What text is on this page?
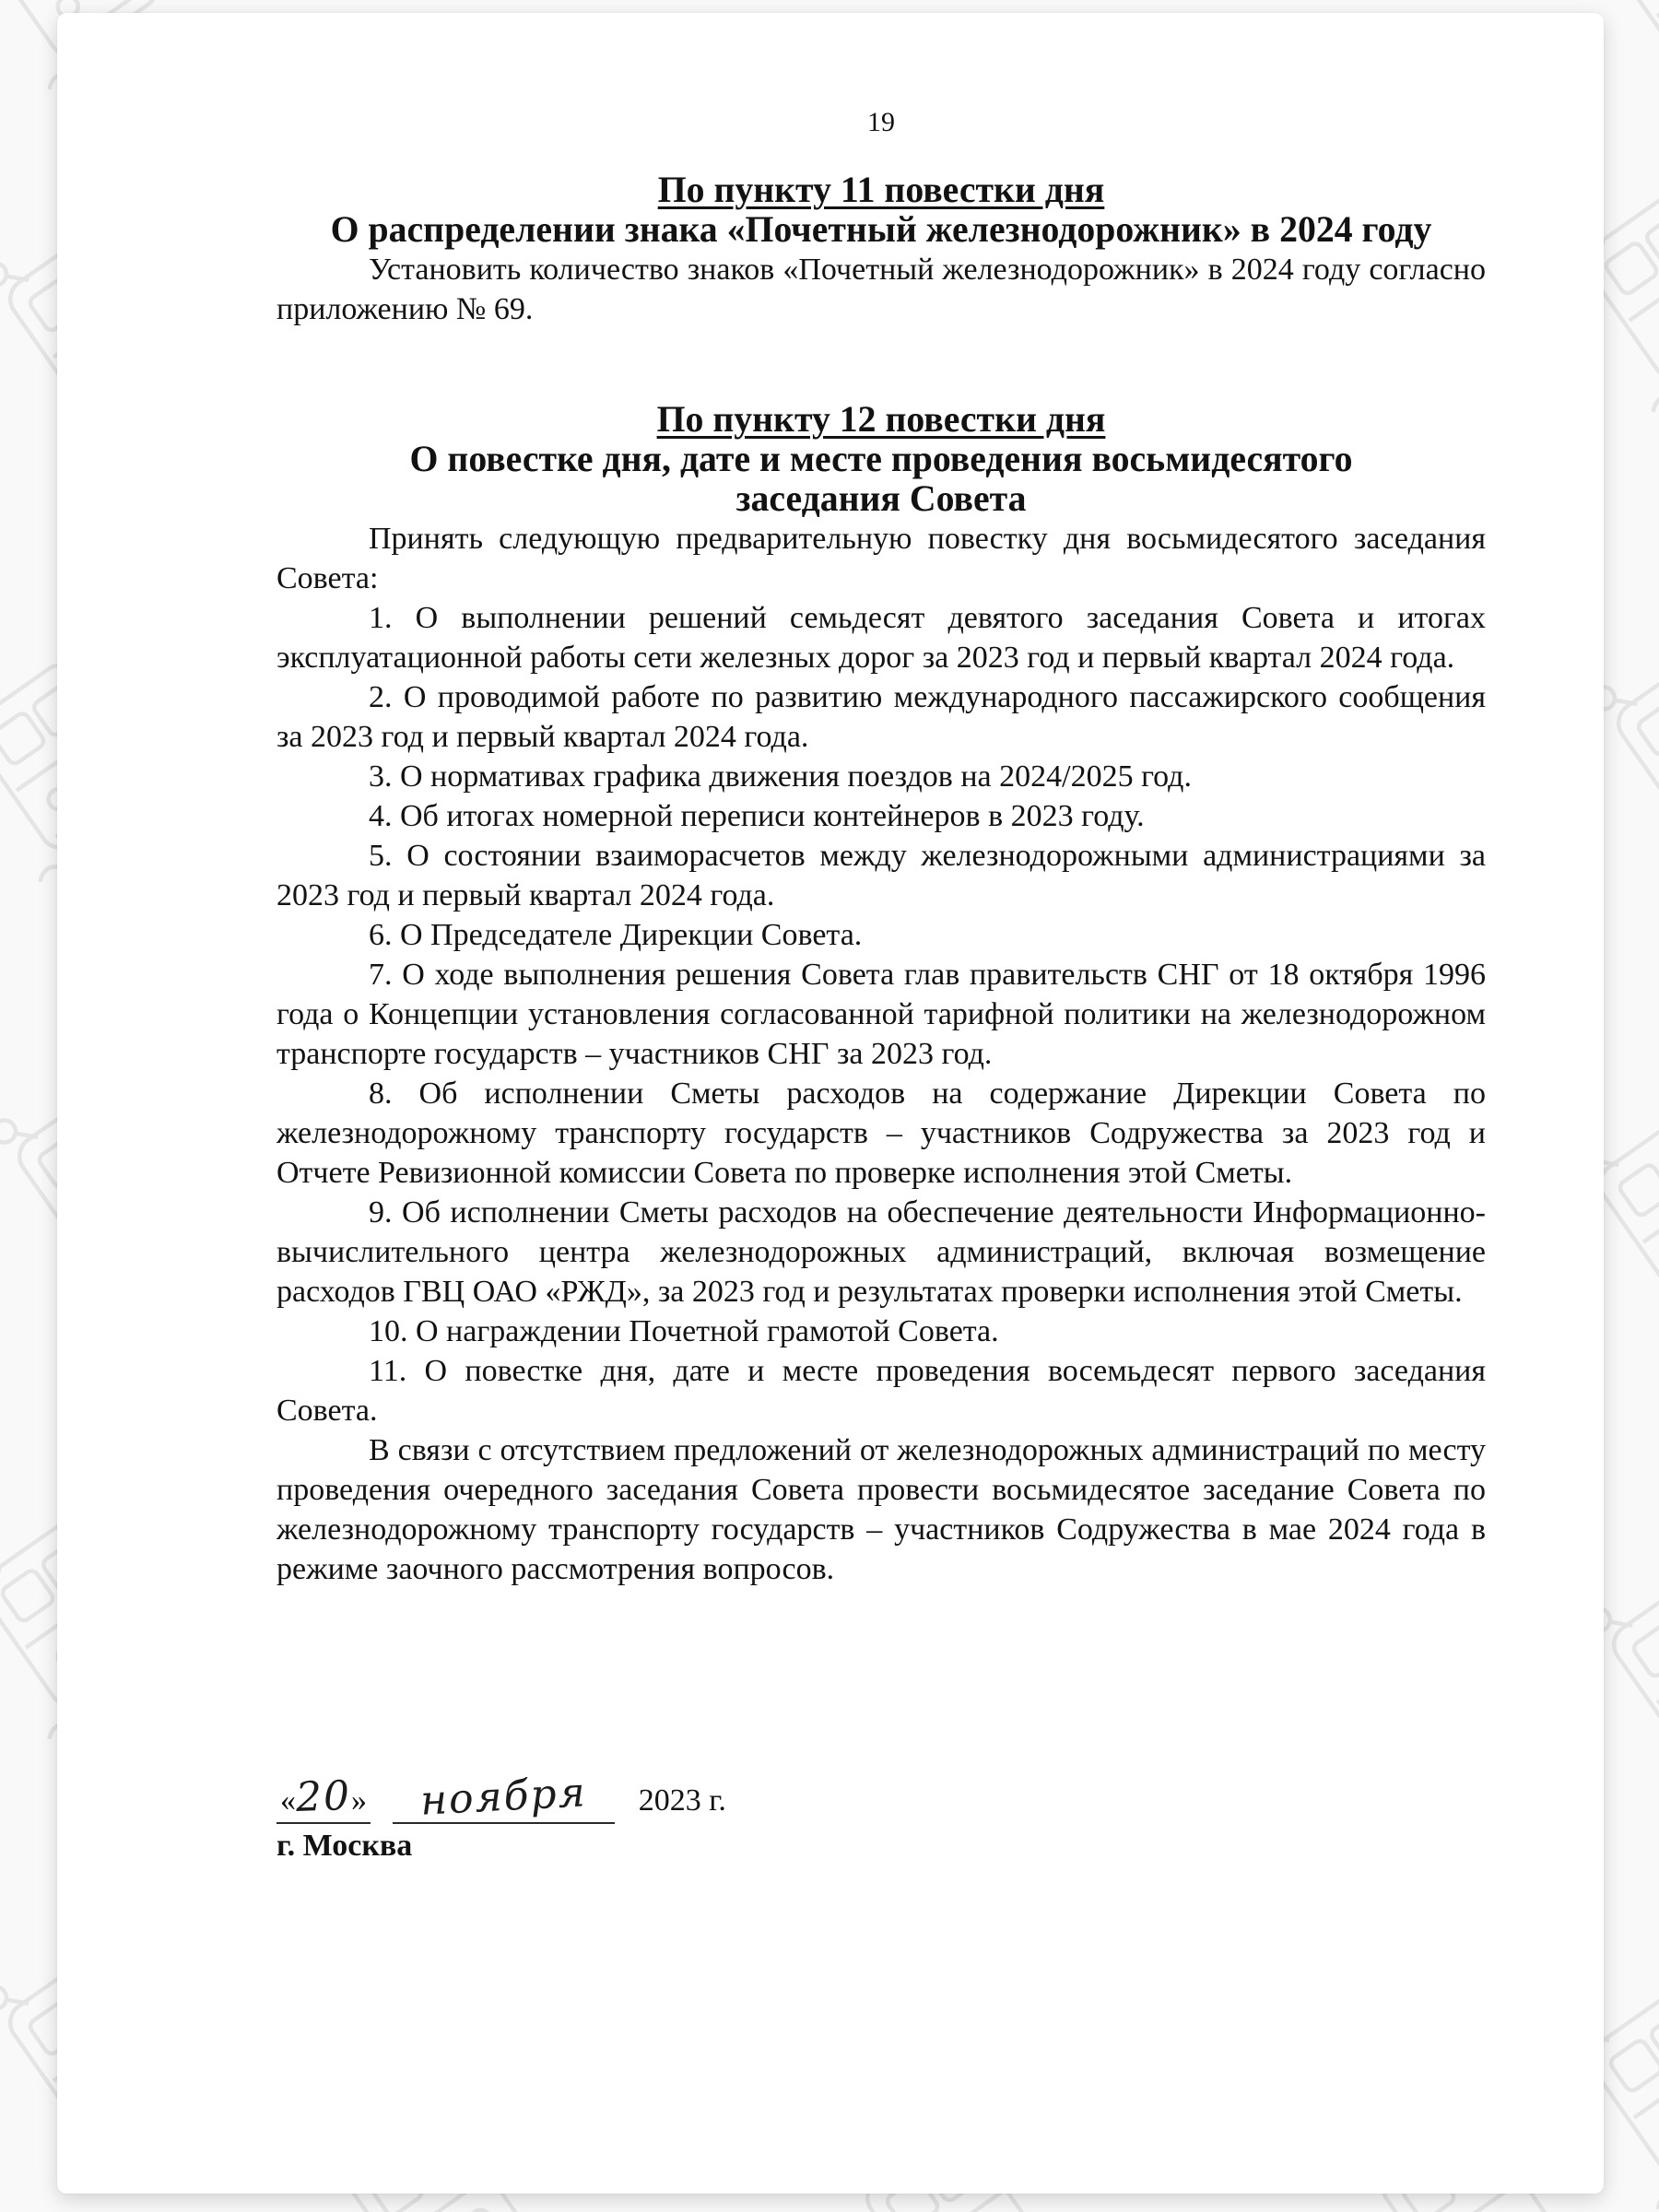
19
По пункту 11 повестки дня
О распределении знака «Почетный железнодорожник» в 2024 году

Установить количество знаков «Почетный железнодорожник» в 2024 году согласно приложению № 69.

По пункту 12 повестки дня
О повестке дня, дате и месте проведения восьмидесятого заседания Совета

Принять следующую предварительную повестку дня восьмидесятого заседания Совета:

1. О выполнении решений семьдесят девятого заседания Совета и итогах эксплуатационной работы сети железных дорог за 2023 год и первый квартал 2024 года.

2. О проводимой работе по развитию международного пассажирского сообщения за 2023 год и первый квартал 2024 года.

3. О нормативах графика движения поездов на 2024/2025 год.

4. Об итогах номерной переписи контейнеров в 2023 году.

5. О состоянии взаиморасчетов между железнодорожными администрациями за 2023 год и первый квартал 2024 года.

6. О Председателе Дирекции Совета.

7. О ходе выполнения решения Совета глав правительств СНГ от 18 октября 1996 года о Концепции установления согласованной тарифной политики на железнодорожном транспорте государств – участников СНГ за 2023 год.

8. Об исполнении Сметы расходов на содержание Дирекции Совета по железнодорожному транспорту государств – участников Содружества за 2023 год и Отчете Ревизионной комиссии Совета по проверке исполнения этой Сметы.

9. Об исполнении Сметы расходов на обеспечение деятельности Информационно-вычислительного центра железнодорожных администраций, включая возмещение расходов ГВЦ ОАО «РЖД», за 2023 год и результатах проверки исполнения этой Сметы.

10. О награждении Почетной грамотой Совета.

11. О повестке дня, дате и месте проведения восемьдесят первого заседания Совета.

В связи с отсутствием предложений от железнодорожных администраций по месту проведения очередного заседания Совета провести восьмидесятое заседание Совета по железнодорожному транспорту государств – участников Содружества в мае 2024 года в режиме заочного рассмотрения вопросов.

«20» ноября 2023 г.
г. Москва
